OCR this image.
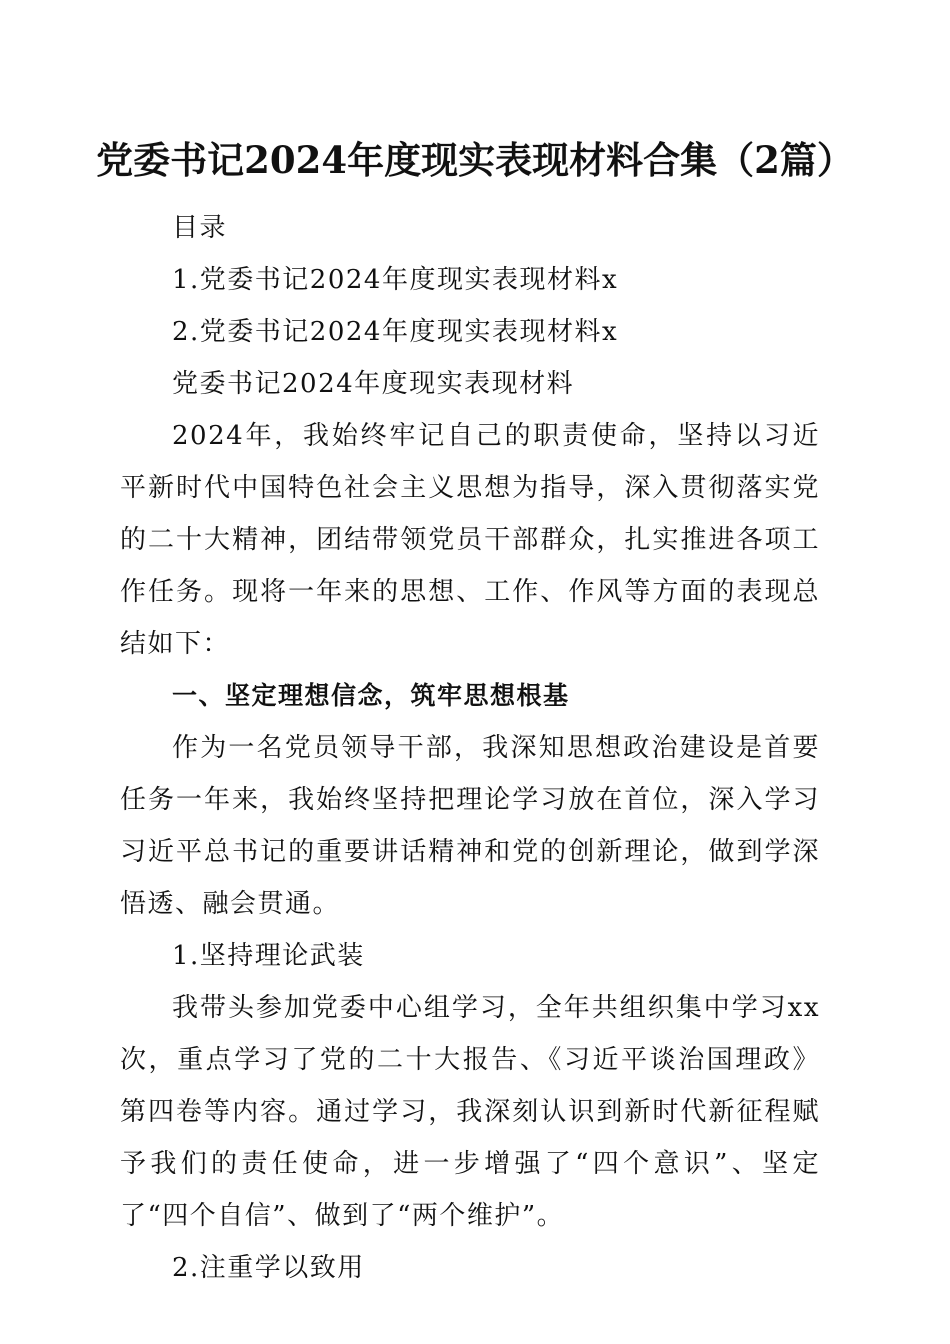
党委书记2024年度现实表现材料合集（2篇）

目录

1.党委书记2024年度现实表现材料x

2.党委书记2024年度现实表现材料x

党委书记2024年度现实表现材料

2024年，我始终牢记自己的职责使命，坚持以习近平新时代中国特色社会主义思想为指导，深入贯彻落实党的二十大精神，团结带领党员干部群众，扎实推进各项工作任务。现将一年来的思想、工作、作风等方面的表现总结如下：

一、坚定理想信念，筑牢思想根基

作为一名党员领导干部，我深知思想政治建设是首要任务一年来，我始终坚持把理论学习放在首位，深入学习习近平总书记的重要讲话精神和党的创新理论，做到学深悟透、融会贯通。

1.坚持理论武装

我带头参加党委中心组学习，全年共组织集中学习xx次，重点学习了党的二十大报告、《习近平谈治国理政》第四卷等内容。通过学习，我深刻认识到新时代新征程赋予我们的责任使命，进一步增强了“四个意识”、坚定了“四个自信”、做到了“两个维护”。

2.注重学以致用
